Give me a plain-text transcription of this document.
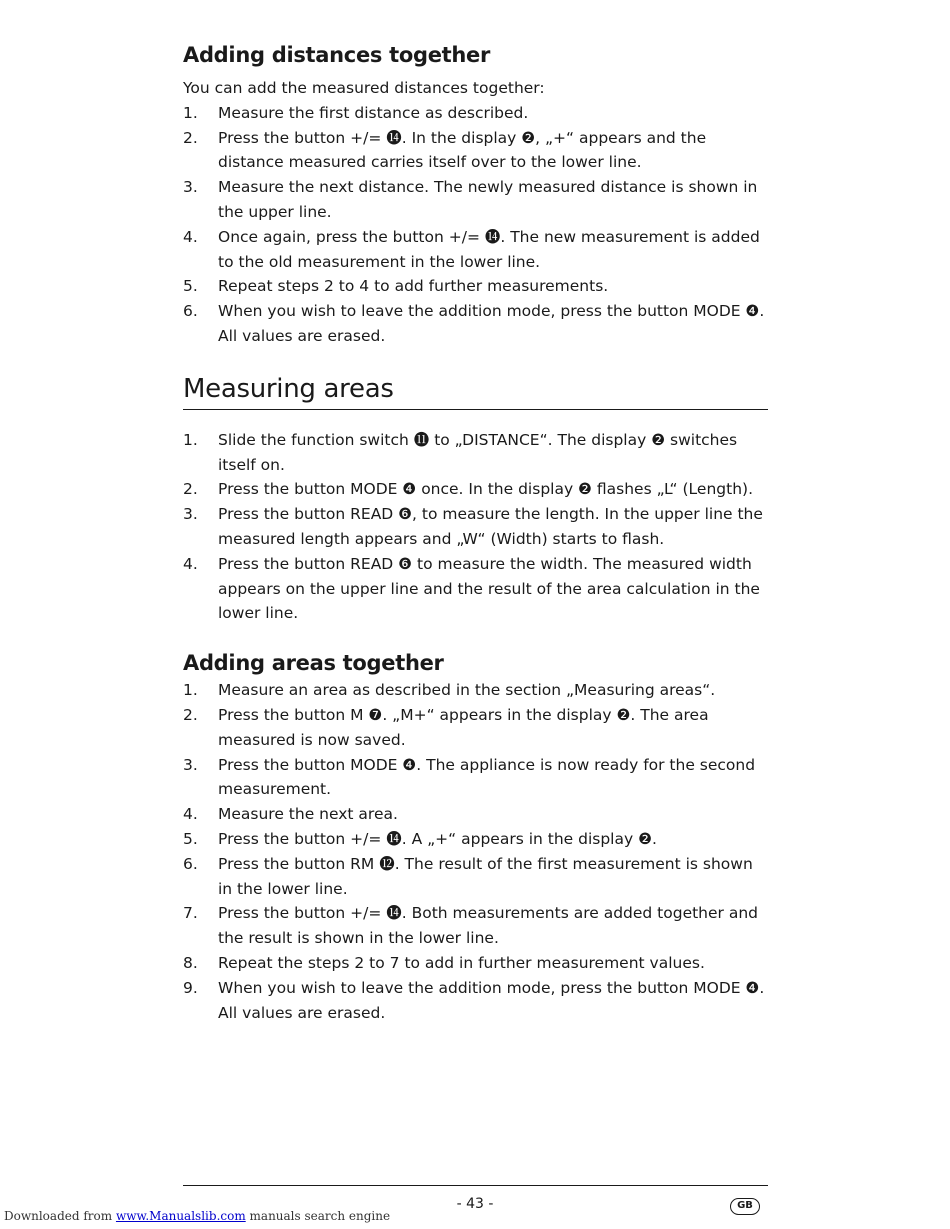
Adding distances together

You can add the measured distances together:

1.	Measure the first distance as described.
2.	Press the button +/= ⓮. In the display ❷, „+“ appears and the distance measured carries itself over to the lower line.
3.	Measure the next distance. The newly measured distance is shown in the upper line.
4.	Once again, press the button +/= ⓮. The new measurement is added to the old measurement in the lower line.
5.	Repeat steps 2 to 4 to add further measurements.
6.	When you wish to leave the addition mode, press the button MODE ❹. All values are erased.
Measuring areas
1.	Slide the function switch ⓫ to „DISTANCE“. The display ❷ switches itself on.
2.	Press the button MODE ❹ once. In the display ❷ flashes „L“ (Length).
3.	Press the button READ ❻, to measure the length. In the upper line the measured length appears and „W“ (Width) starts to flash.
4.	Press the button READ ❻ to measure the width. The measured width appears on the upper line and the result of the area calculation in the lower line.
Adding areas together
1.	Measure an area as described in the section „Measuring areas“.
2.	Press the button M ❼. „M+“ appears in the display ❷. The area measured is now saved.
3.	Press the button MODE ❹. The appliance is now ready for the second measurement.
4.	Measure the next area.
5.	Press the button +/= ⓮. A „+“ appears in the display ❷.
6.	Press the button RM ⓬. The result of the first measurement is shown in the lower line.
7.	Press the button +/= ⓮. Both measurements are added together and the result is shown in the lower line.
8.	Repeat the steps 2 to 7 to add in further measurement values.
9.	When you wish to leave the addition mode, press the button MODE ❹. All values are erased.
- 43 -	GB
Downloaded from www.Manualslib.com manuals search engine
